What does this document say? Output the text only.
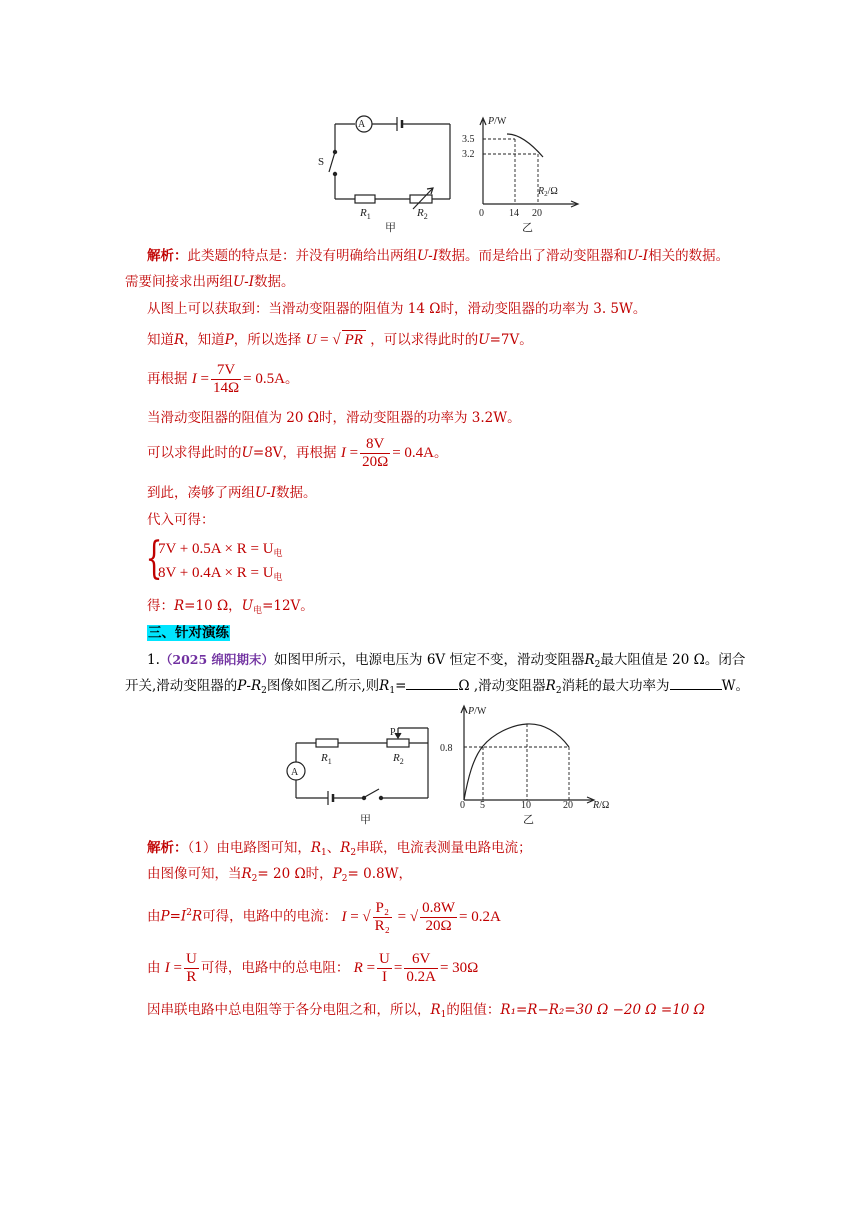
A
S
$R_1$	$R_2$
甲
P/W
3.5
3.2
$R_2/\Omega$
0	14 20
乙
解析：此类题的特点是：并没有明确给出两组U-I数据。而是给出了滑动变阻器和U-I相关的数据。
需要间接求出两组U-I数据。
从图上可以获取到：当滑动变阻器的阻值为 14 Ω时，滑动变阻器的功率为 3. 5W。
知道R，知道P，所以选择 U = √ PR ，可以求得此时的U=7V。
再根据 $I = \frac{7V}{14\Omega} = 0.5A$。
当滑动变阻器的阻值为 20 Ω时，滑动变阻器的功率为 3.2W。
可以求得此时的U=8V，再根据 $I = \frac{8V}{20\Omega} = 0.4A$。
到此，凑够了两组U-I数据。
代入可得：
{
$7V + 0.5A \times R = U_电$
$8V + 0.4A \times R = U_电$
得：R=10 Ω，$U_电=12V$。
三、针对演练
1.（2025 绵阳期末）如图甲所示，电源电压为 6V 恒定不变，滑动变阻器$R_2$最大阻值是 20 Ω。闭合
开关,滑动变阻器的$P-R_2$图像如图乙所示,则$R_1=$	Ω ,滑动变阻器$R_2$消耗的最大功率为	W。
A
P
$R_1$	$R_2$
甲
P/W
0.8
R/Ω
0 5	10	20
乙
解析：（1）由电路图可知，$R_1$、$R_2$串联，电流表测量电路电流；
由图像可知，当$R_2= 20$ Ω时，$P_2= 0.8W$，
由$P=I^2R$可得，电路中的电流： I = √ $\frac{\text{P₂}}{\text{R₂}}$ = √ $\frac{0.8W}{20\Omega} = 0.2A$
由 $I = \frac{U}{R}$ 可得，电路中的总电阻： $R = \frac{U}{I} = \frac{6V}{0.2A} = 30\Omega$
因串联电路中总电阻等于各分电阻之和，所以，$R_1$的阻值：R₁=R−R₂=30 Ω −20 Ω =10 Ω
